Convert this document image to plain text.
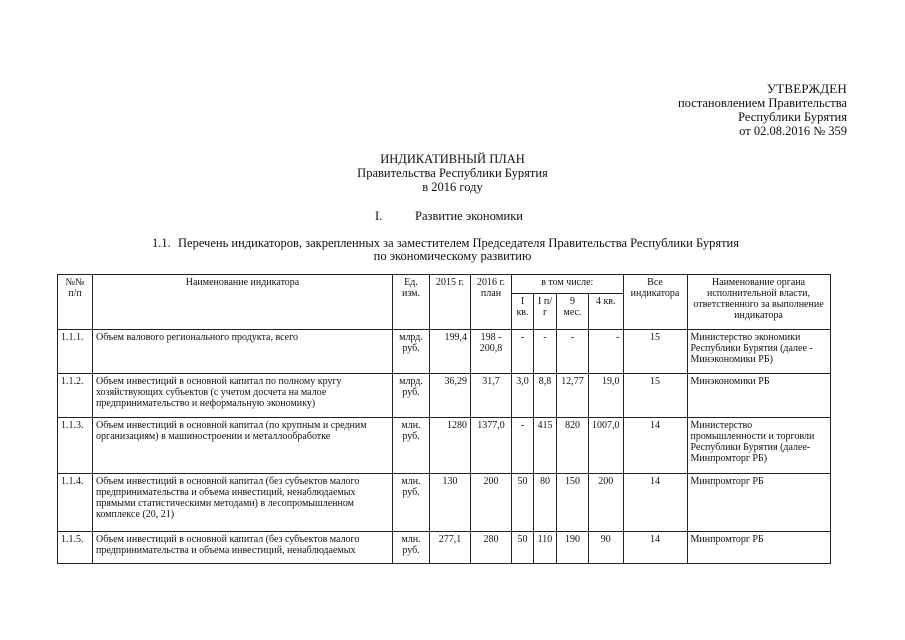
УТВЕРЖДЕН
постановлением Правительства
Республики Бурятия
от 02.08.2016 № 359
ИНДИКАТИВНЫЙ ПЛАН
Правительства Республики Бурятия
в 2016 году
I.	Развитие экономики
1.1. Перечень индикаторов, закрепленных за заместителем Председателя Правительства Республики Бурятия
по экономическому развитию
№№ п/п	Наименование индикатора	Ед. изм.	2015 г.	2016 г. план	в том числе:				Все индикатора	Наименование органа исполнительной власти, ответственного за выполнение индикатора
					I кв.	I п/г	9 мес.	4 кв.		
1.1.1.	Объем валового регионального продукта, всего	млрд. руб.	199,4	198 - 200,8	-	-	-	-	15	Министерство экономики Республики Бурятия (далее - Минэкономики РБ)
1.1.2.	Объем инвестиций в основной капитал по полному кругу хозяйствующих субъектов (с учетом досчета на малое предпринимательство и неформальную экономику)	млрд. руб.	36,29	31,7	3,0	8,8	12,77	19,0	15	Минэкономики РБ
1.1.3.	Объем инвестиций в основной капитал (по крупным и средним организациям) в машиностроении и металлообработке	млн. руб.	1280	1377,0	-	415	820	1007,0	14	Министерство промышленности и торговли Республики Бурятия (далее- Минпромторг РБ)
1.1.4.	Объем инвестиций в основной капитал (без субъектов малого предпринимательства и объема инвестиций, ненаблюдаемых прямыми статистическими методами) в лесопромышленном комплексе (20, 21)	млн. руб.	130	200	50	80	150	200	14	Минпромторг РБ
1.1.5.	Объем инвестиций в основной капитал (без субъектов малого предпринимательства и объема инвестиций, ненаблюдаемых	млн. руб.	277,1	280	50	110	190	90	14	Минпромторг РБ
